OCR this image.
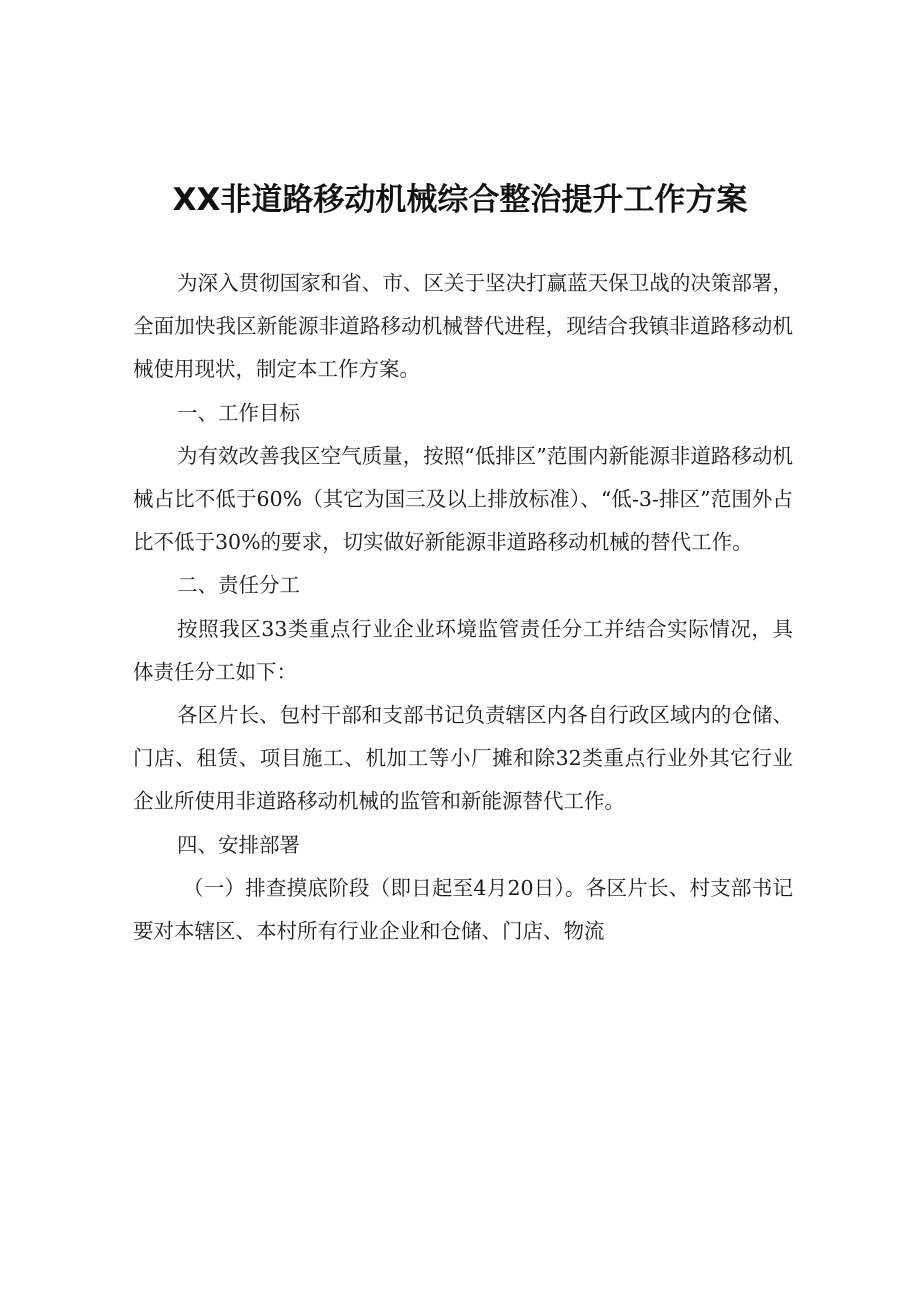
XX非道路移动机械综合整治提升工作方案

为深入贯彻国家和省、市、区关于坚决打赢蓝天保卫战的决策部署，全面加快我区新能源非道路移动机械替代进程，现结合我镇非道路移动机械使用现状，制定本工作方案。

一、工作目标

为有效改善我区空气质量，按照“低排区”范围内新能源非道路移动机械占比不低于60%（其它为国三及以上排放标准）、“低-3-排区”范围外占比不低于30%的要求，切实做好新能源非道路移动机械的替代工作。

二、责任分工

按照我区33类重点行业企业环境监管责任分工并结合实际情况，具体责任分工如下：

各区片长、包村干部和支部书记负责辖区内各自行政区域内的仓储、门店、租赁、项目施工、机加工等小厂摊和除32类重点行业外其它行业企业所使用非道路移动机械的监管和新能源替代工作。

四、安排部署

（一）排查摸底阶段（即日起至4月20日）。各区片长、村支部书记要对本辖区、本村所有行业企业和仓储、门店、物流
